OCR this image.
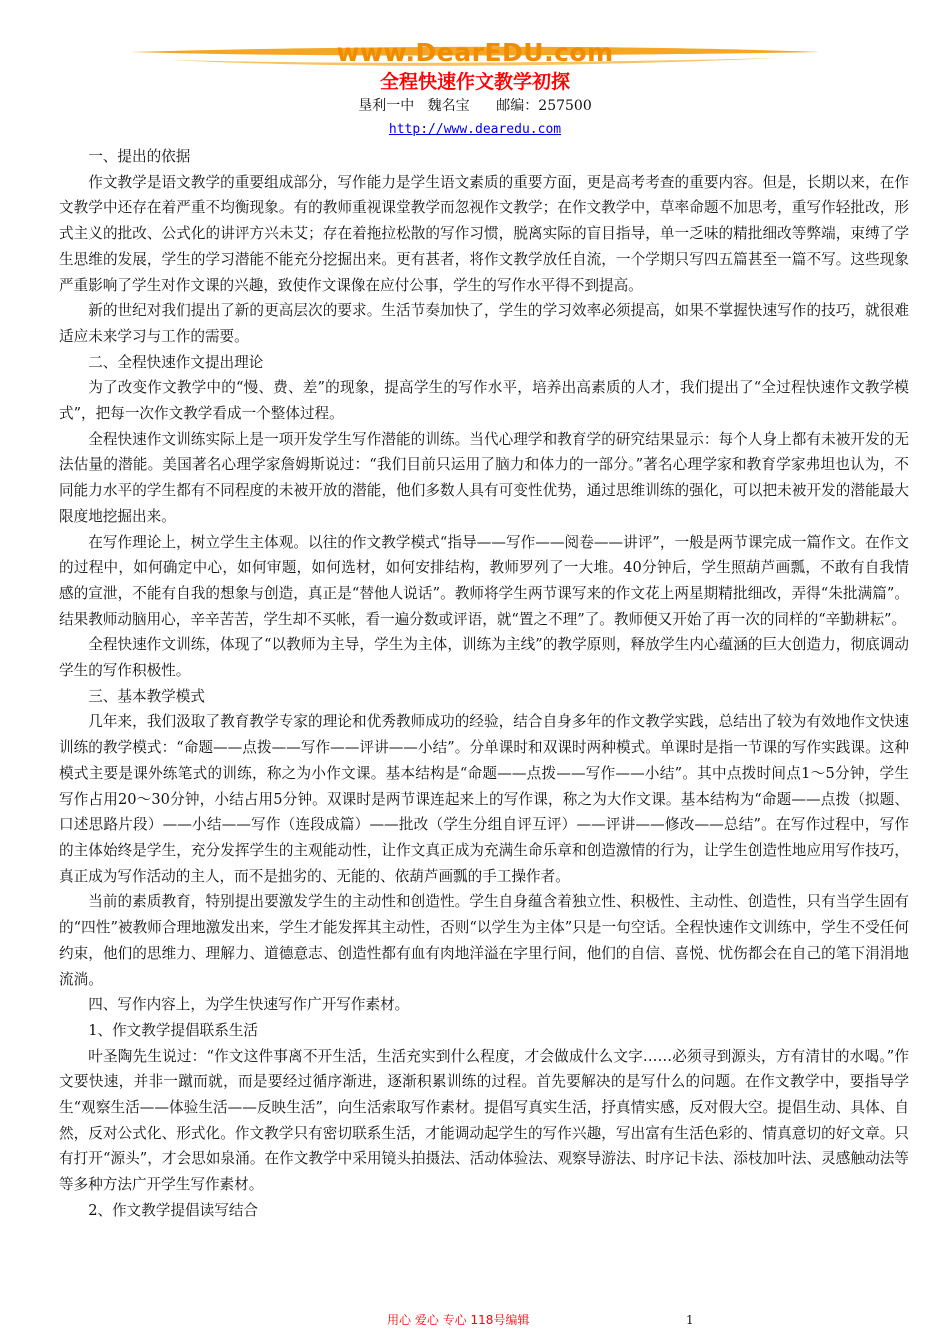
www.DearEDU.com
全程快速作文教学初探
垦利一中   魏名宝      邮编：257500
http://www.dearedu.com

一、提出的依据

作文教学是语文教学的重要组成部分，写作能力是学生语文素质的重要方面，更是高考考查的重要内容。但是，长期以来，在作文教学中还存在着严重不均衡现象。有的教师重视课堂教学而忽视作文教学；在作文教学中，草率命题不加思考，重写作轻批改，形式主义的批改、公式化的讲评方兴未艾；存在着拖拉松散的写作习惯，脱离实际的盲目指导，单一乏味的精批细改等弊端，束缚了学生思维的发展，学生的学习潜能不能充分挖掘出来。更有甚者，将作文教学放任自流，一个学期只写四五篇甚至一篇不写。这些现象严重影响了学生对作文课的兴趣，致使作文课像在应付公事，学生的写作水平得不到提高。

新的世纪对我们提出了新的更高层次的要求。生活节奏加快了，学生的学习效率必须提高，如果不掌握快速写作的技巧，就很难适应未来学习与工作的需要。

二、全程快速作文提出理论

为了改变作文教学中的“慢、费、差”的现象，提高学生的写作水平，培养出高素质的人才，我们提出了“全过程快速作文教学模式”，把每一次作文教学看成一个整体过程。

全程快速作文训练实际上是一项开发学生写作潜能的训练。当代心理学和教育学的研究结果显示：每个人身上都有未被开发的无法估量的潜能。美国著名心理学家詹姆斯说过：“我们目前只运用了脑力和体力的一部分。”著名心理学家和教育学家弗坦也认为，不同能力水平的学生都有不同程度的未被开放的潜能，他们多数人具有可变性优势，通过思维训练的强化，可以把未被开发的潜能最大限度地挖掘出来。

在写作理论上，树立学生主体观。以往的作文教学模式“指导——写作——阅卷——讲评”，一般是两节课完成一篇作文。在作文的过程中，如何确定中心，如何审题，如何选材，如何安排结构，教师罗列了一大堆。40分钟后，学生照葫芦画瓢，不敢有自我情感的宣泄，不能有自我的想象与创造，真正是“替他人说话”。教师将学生两节课写来的作文花上两星期精批细改，弄得“朱批满篇”。结果教师动脑用心，辛辛苦苦，学生却不买帐，看一遍分数或评语，就“置之不理”了。教师便又开始了再一次的同样的“辛勤耕耘”。

全程快速作文训练，体现了“以教师为主导，学生为主体，训练为主线”的教学原则，释放学生内心蕴涵的巨大创造力，彻底调动学生的写作积极性。

三、基本教学模式

几年来，我们汲取了教育教学专家的理论和优秀教师成功的经验，结合自身多年的作文教学实践，总结出了较为有效地作文快速训练的教学模式：“命题——点拨——写作——评讲——小结”。分单课时和双课时两种模式。单课时是指一节课的写作实践课。这种模式主要是课外练笔式的训练，称之为小作文课。基本结构是“命题——点拨——写作——小结”。其中点拨时间点1～5分钟，学生写作占用20～30分钟，小结占用5分钟。双课时是两节课连起来上的写作课，称之为大作文课。基本结构为“命题——点拨（拟题、口述思路片段）——小结——写作（连段成篇）——批改（学生分组自评互评）——评讲——修改——总结”。在写作过程中，写作的主体始终是学生，充分发挥学生的主观能动性，让作文真正成为充满生命乐章和创造激情的行为，让学生创造性地应用写作技巧，真正成为写作活动的主人，而不是拙劣的、无能的、依葫芦画瓢的手工操作者。

当前的素质教育，特别提出要激发学生的主动性和创造性。学生自身蕴含着独立性、积极性、主动性、创造性，只有当学生固有的“四性”被教师合理地激发出来，学生才能发挥其主动性，否则“以学生为主体”只是一句空话。全程快速作文训练中，学生不受任何约束，他们的思维力、理解力、道德意志、创造性都有血有肉地洋溢在字里行间，他们的自信、喜悦、忧伤都会在自己的笔下涓涓地流淌。

四、写作内容上，为学生快速写作广开写作素材。

1、作文教学提倡联系生活

叶圣陶先生说过：“作文这件事离不开生活，生活充实到什么程度，才会做成什么文字……必须寻到源头，方有清甘的水喝。”作文要快速，并非一蹴而就，而是要经过循序渐进，逐渐积累训练的过程。首先要解决的是写什么的问题。在作文教学中，要指导学生“观察生活——体验生活——反映生活”，向生活索取写作素材。提倡写真实生活，抒真情实感，反对假大空。提倡生动、具体、自然，反对公式化、形式化。作文教学只有密切联系生活，才能调动起学生的写作兴趣，写出富有生活色彩的、情真意切的好文章。只有打开“源头”，才会思如泉涌。在作文教学中采用镜头拍摄法、活动体验法、观察导游法、时序记卡法、添枝加叶法、灵感触动法等等多种方法广开学生写作素材。

2、作文教学提倡读写结合

用心 爱心 专心 118号编辑	1
